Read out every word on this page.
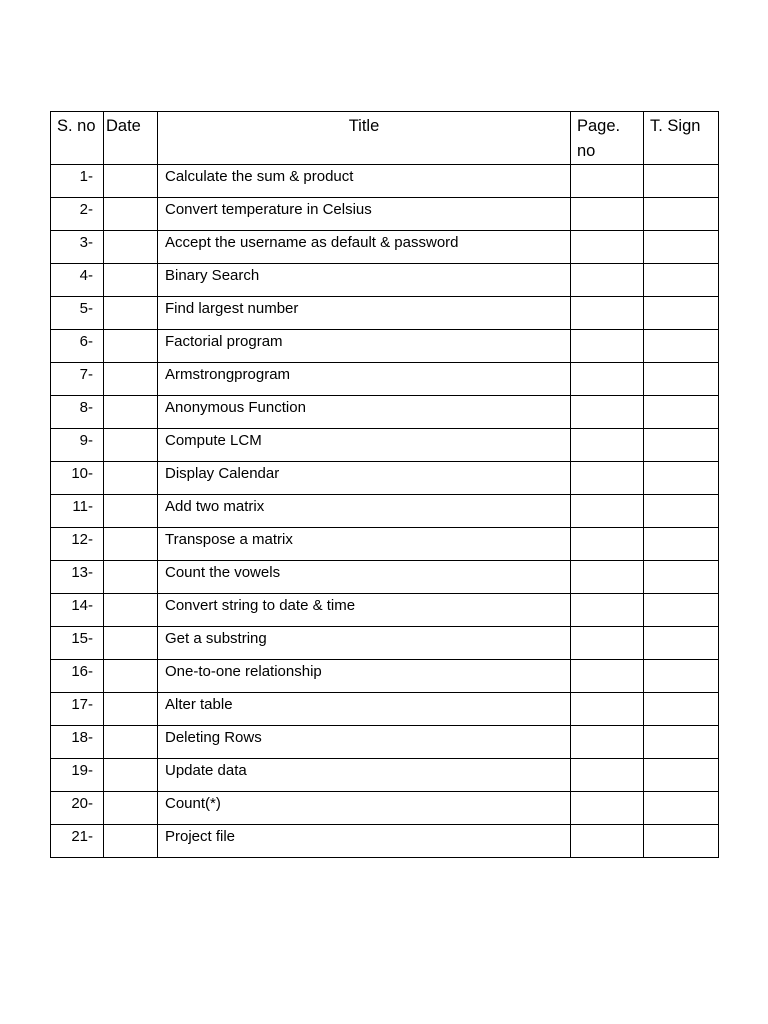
S. no	Date	Title	Page. no	T. Sign
1-		Calculate the sum & product		
2-		Convert temperature in Celsius		
3-		Accept the username as default & password		
4-		Binary Search		
5-		Find largest number		
6-		Factorial program		
7-		Armstrongprogram		
8-		Anonymous Function		
9-		Compute LCM		
10-		Display Calendar		
11-		Add two matrix		
12-		Transpose a matrix		
13-		Count the vowels		
14-		Convert string to date & time		
15-		Get a substring		
16-		One-to-one relationship		
17-		Alter table		
18-		Deleting Rows		
19-		Update data		
20-		Count(*)		
21-		Project file		
